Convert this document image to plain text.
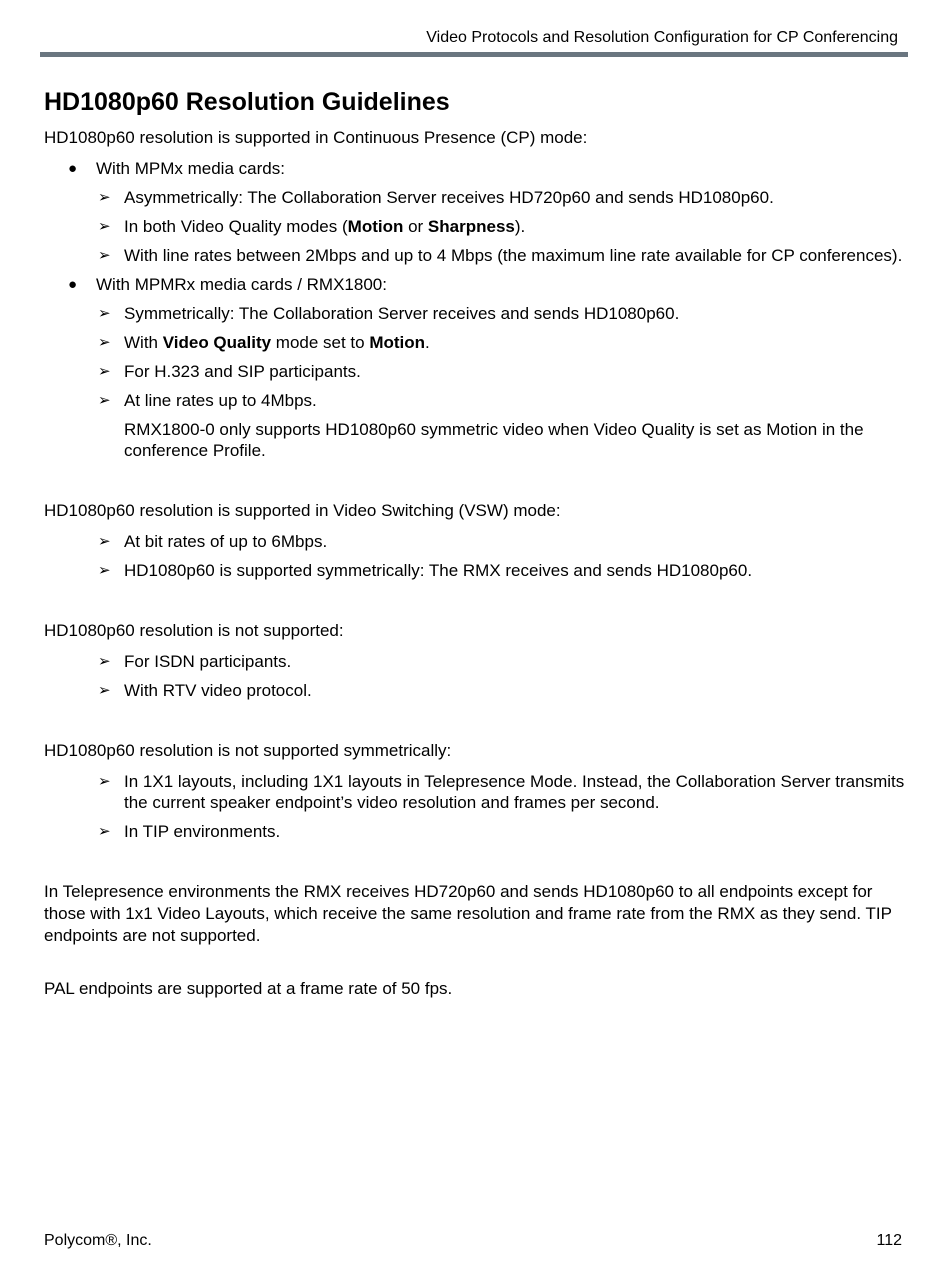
Video Protocols and Resolution Configuration for CP Conferencing
HD1080p60 Resolution Guidelines

HD1080p60 resolution is supported in Continuous Presence (CP) mode:

● With MPMx media cards:
➢ Asymmetrically: The Collaboration Server receives HD720p60 and sends HD1080p60.
➢ In both Video Quality modes (Motion or Sharpness).
➢ With line rates between 2Mbps and up to 4 Mbps (the maximum line rate available for CP conferences).
● With MPMRx media cards / RMX1800:
➢ Symmetrically: The Collaboration Server receives and sends HD1080p60.
➢ With Video Quality mode set to Motion.
➢ For H.323 and SIP participants.
➢ At line rates up to 4Mbps.
RMX1800-0 only supports HD1080p60 symmetric video when Video Quality is set as Motion in the conference Profile.

HD1080p60 resolution is supported in Video Switching (VSW) mode:

➢ At bit rates of up to 6Mbps.
➢ HD1080p60 is supported symmetrically: The RMX receives and sends HD1080p60.

HD1080p60 resolution is not supported:

➢ For ISDN participants.
➢ With RTV video protocol.

HD1080p60 resolution is not supported symmetrically:

➢ In 1X1 layouts, including 1X1 layouts in Telepresence Mode. Instead, the Collaboration Server transmits the current speaker endpoint’s video resolution and frames per second.
➢ In TIP environments.

In Telepresence environments the RMX receives HD720p60 and sends HD1080p60 to all endpoints except for those with 1x1 Video Layouts, which receive the same resolution and frame rate from the RMX as they send. TIP endpoints are not supported.

PAL endpoints are supported at a frame rate of 50 fps.

Polycom®, Inc.	112
